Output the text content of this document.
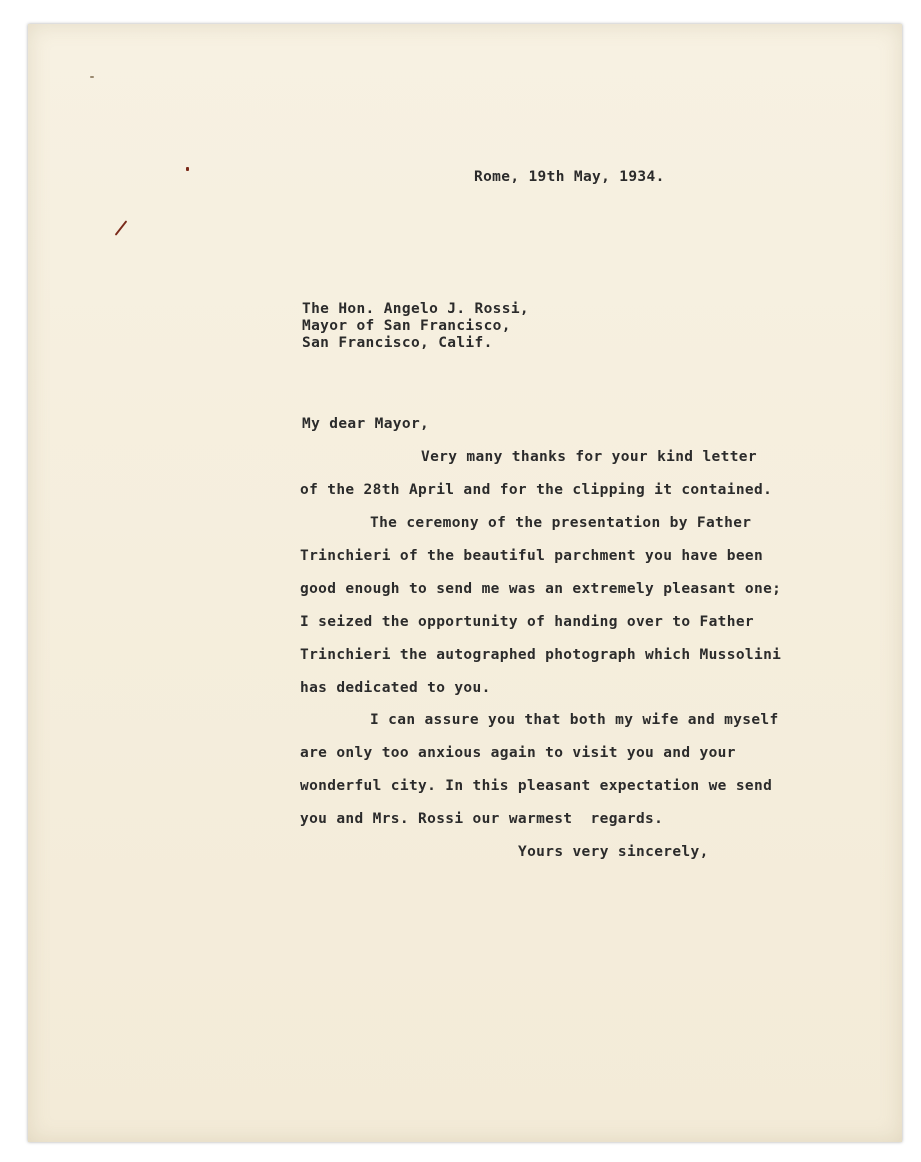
Rome, 19th May, 1934.

The Hon. Angelo J. Rossi,

Mayor of San Francisco,

San Francisco, Calif.

My dear Mayor,

Very many thanks for your kind letter

of the 28th April and for the clipping it contained.

The ceremony of the presentation by Father

Trinchieri of the beautiful parchment you have been

good enough to send me was an extremely pleasant one;

I seized the opportunity of handing over to Father

Trinchieri the autographed photograph which Mussolini

has dedicated to you.

I can assure you that both my wife and myself

are only too anxious again to visit you and your

wonderful city. In this pleasant expectation we send

you and Mrs. Rossi our warmest  regards.

Yours very sincerely,
